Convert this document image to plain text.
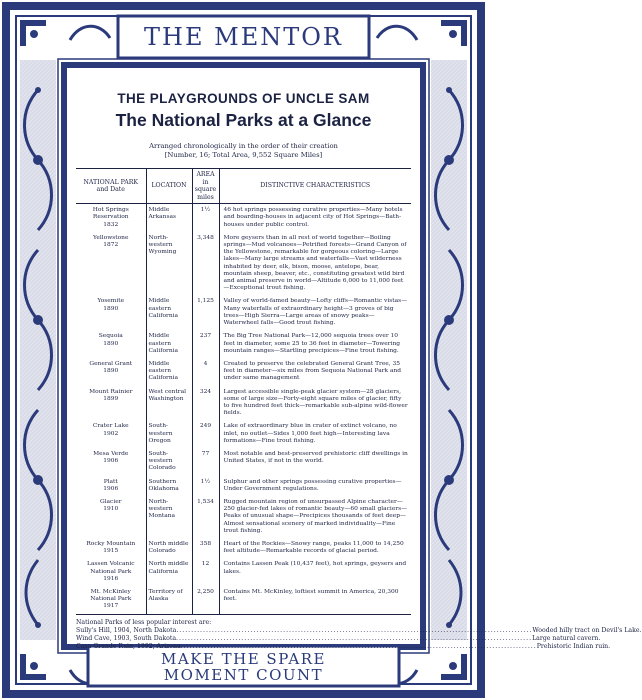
THE MENTOR
THE PLAYGROUNDS OF UNCLE SAM
The National Parks at a Glance
Arranged chronologically in the order of their creation
[Number, 16; Total Area, 9,552 Square Miles]
NATIONAL PARK and Date	LOCATION	AREA in square miles	DISTINCTIVE CHARACTERISTICS

Hot Springs Reservation
1832	Middle Arkansas	1½	46 hot springs possessing curative properties—Many hotels and boarding-houses in adjacent city of Hot Springs—Bath-houses under public control.

Yellowstone
1872	North-western Wyoming	3,348	More geysers than in all rest of world together—Boiling springs—Mud volcanoes—Petrified forests—Grand Canyon of the Yellowstone, remarkable for gorgeous coloring—Large lakes—Many large streams and waterfalls—Vast wilderness inhabited by deer, elk, bison, moose, antelope, bear, mountain sheep, beaver, etc., constituting greatest wild bird and animal preserve in world—Altitude 6,000 to 11,000 feet—Exceptional trout fishing.

Yosemite
1890	Middle eastern California	1,125	Valley of world-famed beauty—Lofty cliffs—Romantic vistas—Many waterfalls of extraordinary height—3 groves of big trees—High Sierra—Large areas of snowy peaks—Waterwheel falls—Good trout fishing.

Sequoia
1890	Middle eastern California	237	The Big Tree National Park—12,000 sequoia trees over 10 feet in diameter, some 25 to 36 feet in diameter—Towering mountain ranges—Startling precipices—Fine trout fishing.

General Grant
1890	Middle eastern California	4	Created to preserve the celebrated General Grant Tree, 35 feet in diameter—six miles from Sequoia National Park and under same management

Mount Rainier
1899	West central Washington	324	Largest accessible single-peak glacier system—28 glaciers, some of large size—Forty-eight square miles of glacier, fifty to five hundred feet thick—remarkable sub-alpine wild-flower fields.

Crater Lake
1902	South-western Oregon	249	Lake of extraordinary blue in crater of extinct volcano, no inlet, no outlet—Sides 1,000 feet high—Interesting lava formations—Fine trout fishing.

Mesa Verde
1906	South-western Colorado	77	Most notable and best-preserved prehistoric cliff dwellings in United States, if not in the world.

Platt
1906	Southern Oklahoma	1½	Sulphur and other springs possessing curative properties—Under Government regulations.

Glacier
1910	North-western Montana	1,534	Rugged mountain region of unsurpassed Alpine character—250 glacier-fed lakes of romantic beauty—60 small glaciers—Peaks of unusual shape—Precipices thousands of feet deep—Almost sensational scenery of marked individuality—Fine trout fishing.

Rocky Mountain
1915	North middle Colorado	358	Heart of the Rockies—Snowy range, peaks 11,000 to 14,250 feet altitude—Remarkable records of glacial period.

Lassen Volcanic National Park
1916	North middle California	12	Contains Lassen Peak (10,437 feet), hot springs, geysers and lakes.

Mt. McKinley National Park
1917	Territory of Alaska	2,250	Contains Mt. McKinley, loftiest summit in America, 20,300 feet.
National Parks of less popular interest are:
Sully's Hill, 1904, North Dakota ........................................................................................................................ Wooded hilly tract on Devil's Lake.
Wind Cave, 1903, South Dakota ........................................................................................................................ Large natural cavern.
Casa Grande Ruin, 1892, Arizona ........................................................................................................................ Prehistoric Indian ruin.
MAKE THE SPARE
MOMENT COUNT
